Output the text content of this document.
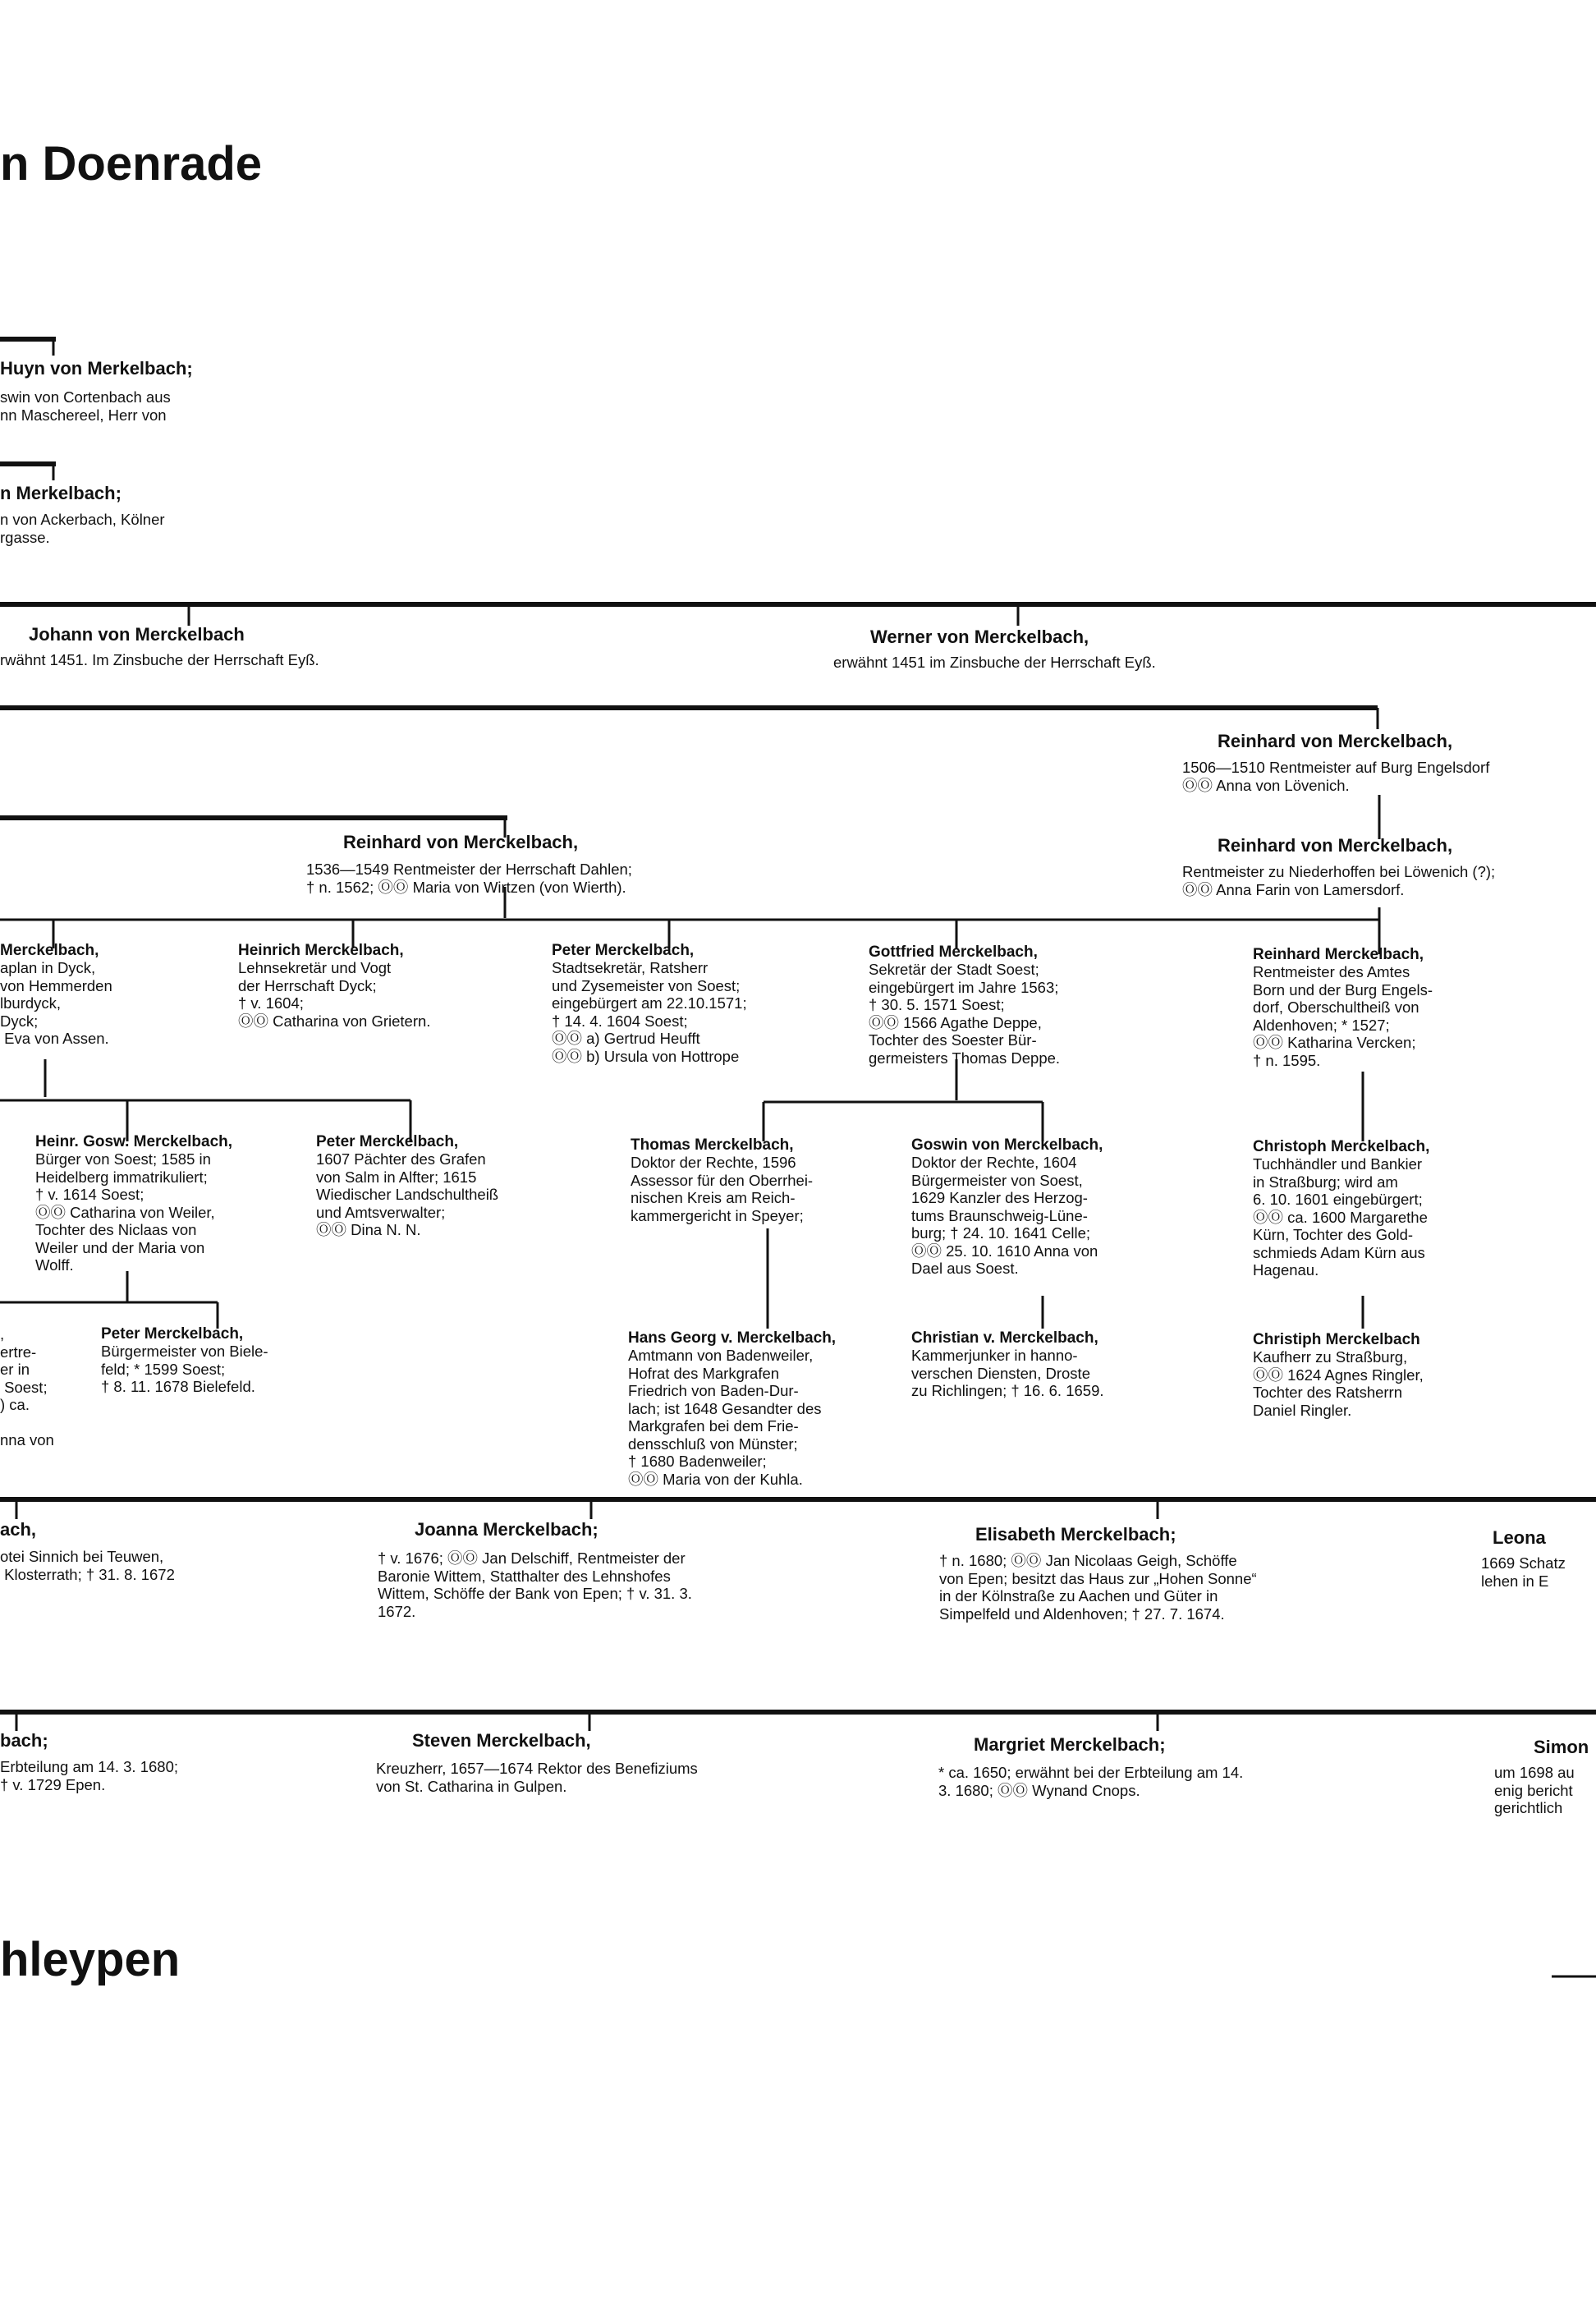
n Doenrade
Huyn von Merkelbach;
swin von Cortenbach aus
nn Maschereel, Herr von
n Merkelbach;
n von Ackerbach, Kölner
rgasse.
Johann von Merckelbach
rwähnt 1451. Im Zinsbuche der Herrschaft Eyß.
Werner von Merckelbach,
erwähnt 1451 im Zinsbuche der Herrschaft Eyß.
Reinhard von Merckelbach,
1506—1510 Rentmeister auf Burg Engelsdorf
ⓄⓄ Anna von Lövenich.
Reinhard von Merckelbach,
1536—1549 Rentmeister der Herrschaft Dahlen;
† n. 1562; ⓄⓄ Maria von Wirtzen (von Wierth).
Reinhard von Merckelbach,
Rentmeister zu Niederhoffen bei Löwenich (?);
ⓄⓄ Anna Farin von Lamersdorf.
Merckelbach,
aplan in Dyck,
von Hemmerden
lburdyck,
Dyck;
Eva von Assen.
Heinrich Merckelbach,
Lehnsekretär und Vogt
der Herrschaft Dyck;
† v. 1604;
ⓄⓄ Catharina von Grietern.
Peter Merckelbach,
Stadtsekretär, Ratsherr
und Zysemeister von Soest;
eingebürgert am 22.10.1571;
† 14. 4. 1604 Soest;
ⓄⓄ a) Gertrud Heufft
ⓄⓄ b) Ursula von Hottrope
Gottfried Merckelbach,
Sekretär der Stadt Soest;
eingebürgert im Jahre 1563;
† 30. 5. 1571 Soest;
ⓄⓄ 1566 Agathe Deppe,
Tochter des Soester Bür-
germeisters Thomas Deppe.
Reinhard Merckelbach,
Rentmeister des Amtes
Born und der Burg Engels-
dorf, Oberschultheiß von
Aldenhoven; * 1527;
ⓄⓄ Katharina Vercken;
† n. 1595.
Heinr. Gosw. Merckelbach,
Bürger von Soest; 1585 in
Heidelberg immatrikuliert;
† v. 1614 Soest;
ⓄⓄ Catharina von Weiler,
Tochter des Niclaas von
Weiler und der Maria von
Wolff.
Peter Merckelbach,
1607 Pächter des Grafen
von Salm in Alfter; 1615
Wiedischer Landschultheiß
und Amtsverwalter;
ⓄⓄ Dina N. N.
Thomas Merckelbach,
Doktor der Rechte, 1596
Assessor für den Oberrhei-
nischen Kreis am Reich-
kammergericht in Speyer;
Goswin von Merckelbach,
Doktor der Rechte, 1604
Bürgermeister von Soest,
1629 Kanzler des Herzog-
tums Braunschweig-Lüne-
burg; † 24. 10. 1641 Celle;
ⓄⓄ 25. 10. 1610 Anna von
Dael aus Soest.
Christoph Merckelbach,
Tuchhändler und Bankier
in Straßburg; wird am
6. 10. 1601 eingebürgert;
ⓄⓄ ca. 1600 Margarethe
Kürn, Tochter des Gold-
schmieds Adam Kürn aus
Hagenau.
,
ertre-
er in
Soest;
) ca.

nna von
Peter Merckelbach,
Bürgermeister von Biele-
feld; * 1599 Soest;
† 8. 11. 1678 Bielefeld.
Hans Georg v. Merckelbach,
Amtmann von Badenweiler,
Hofrat des Markgrafen
Friedrich von Baden-Dur-
lach; ist 1648 Gesandter des
Markgrafen bei dem Frie-
densschluß von Münster;
† 1680 Badenweiler;
ⓄⓄ Maria von der Kuhla.
Christian v. Merckelbach,
Kammerjunker in hanno-
verschen Diensten, Droste
zu Richlingen; † 16. 6. 1659.
Christiph Merckelbach
Kaufherr zu Straßburg,
ⓄⓄ 1624 Agnes Ringler,
Tochter des Ratsherrn
Daniel Ringler.
ach,
otei Sinnich bei Teuwen,
Klosterrath; † 31. 8. 1672
Joanna Merckelbach;
† v. 1676; ⓄⓄ Jan Delschiff, Rentmeister der
Baronie Wittem, Statthalter des Lehnshofes
Wittem, Schöffe der Bank von Epen; † v. 31. 3.
1672.
Elisabeth Merckelbach;
† n. 1680; ⓄⓄ Jan Nicolaas Geigh, Schöffe
von Epen; besitzt das Haus zur „Hohen Sonne“
in der Kölnstraße zu Aachen und Güter in
Simpelfeld und Aldenhoven; † 27. 7. 1674.
Leona
1669 Schatz
lehen in E
bach;
Erbteilung am 14. 3. 1680;
† v. 1729 Epen.
Steven Merckelbach,
Kreuzherr, 1657—1674 Rektor des Benefiziums
von St. Catharina in Gulpen.
Margriet Merckelbach;
* ca. 1650; erwähnt bei der Erbteilung am 14.
3. 1680; ⓄⓄ Wynand Cnops.
Simon
um 1698 au
enig bericht
gerichtlich
hleypen
